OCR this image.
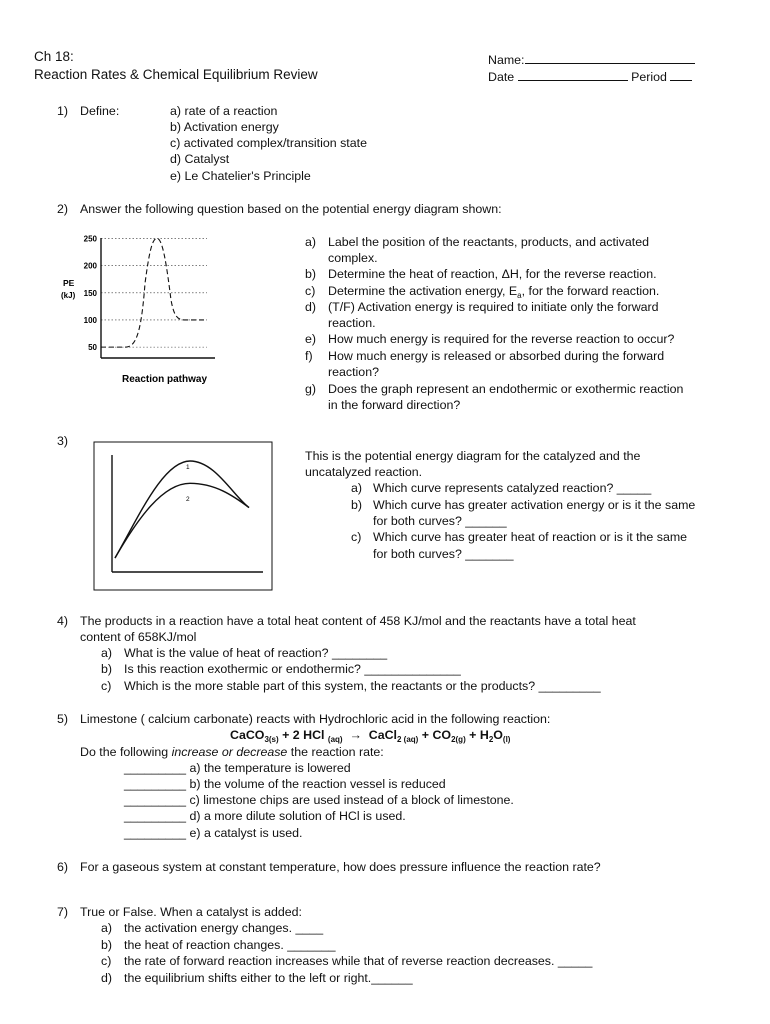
Ch 18:
Reaction Rates & Chemical Equilibrium Review
Name:
Date	Period
1) Define:	a) rate of a reaction
b) Activation energy
c) activated complex/transition state
d) Catalyst
e) Le Chatelier's Principle
2) Answer the following question based on the potential energy diagram shown:
250
200
150
100
50
PE
(kJ)
Reaction pathway
a) Label the position of the reactants, products, and activated
complex.
b) Determine the heat of reaction, ΔH, for the reverse reaction.
c) Determine the activation energy, $E_a$, for the forward reaction.
d) (T/F) Activation energy is required to initiate only the forward
reaction.
e) How much energy is required for the reverse reaction to occur?
f) How much energy is released or absorbed during the forward
reaction?
g) Does the graph represent an endothermic or exothermic reaction
in the forward direction?
3)
1
2
This is the potential energy diagram for the catalyzed and the
uncatalyzed reaction.
a) Which curve represents catalyzed reaction? _____
b) Which curve has greater activation energy or is it the same
for both curves? ______
c) Which curve has greater heat of reaction or is it the same
for both curves? _______
4) The products in a reaction have a total heat content of 458 KJ/mol and the reactants have a total heat
content of 658KJ/mol
a) What is the value of heat of reaction? ________
b) Is this reaction exothermic or endothermic? ______________
c) Which is the more stable part of this system, the reactants or the products? _________
5) Limestone ( calcium carbonate) reacts with Hydrochloric acid in the following reaction:
CaCO$_{3(s)}$ + 2 HCl $_{(aq)}$ → CaCl$_{2 (aq)}$ + $CO_{2(g)} + H_2O_{(l)}$
Do the following increase or decrease the reaction rate:
_________ a) the temperature is lowered
_________ b) the volume of the reaction vessel is reduced
_________ c) limestone chips are used instead of a block of limestone.
_________ d) a more dilute solution of HCl is used.
_________ e) a catalyst is used.
6) For a gaseous system at constant temperature, how does pressure influence the reaction rate?
7) True or False. When a catalyst is added:
a) the activation energy changes. ____
b) the heat of reaction changes. _______
c) the rate of forward reaction increases while that of reverse reaction decreases. _____
d) the equilibrium shifts either to the left or right.______
